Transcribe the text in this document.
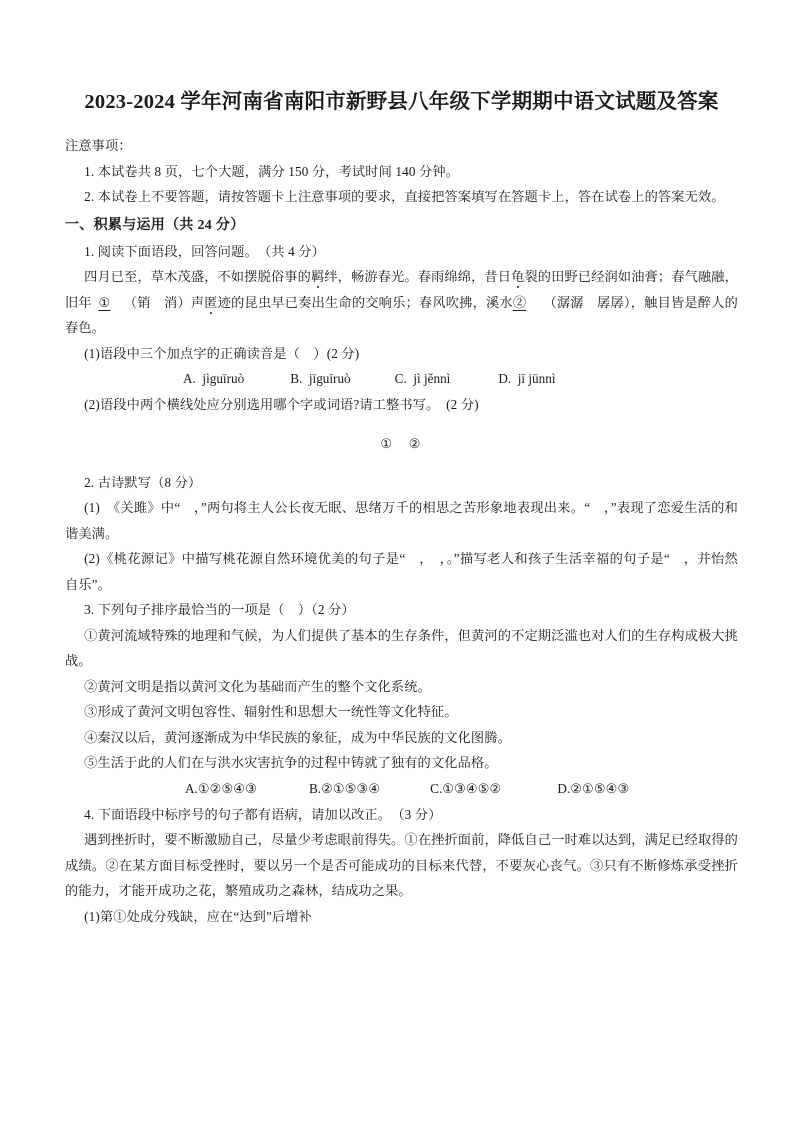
2023-2024 学年河南省南阳市新野县八年级下学期期中语文试题及答案

注意事项：

1. 本试卷共 8 页，七个大题，满分 150 分，考试时间 140 分钟。

2. 本试卷上不要答题，请按答题卡上注意事项的要求，直接把答案填写在答题卡上，答在试卷上的答案无效。

一、积累与运用（共 24 分）

1. 阅读下面语段，回答问题。　（共 4 分）

四月已至，草木茂盛，不如摆脱俗事的羁绊，畅游春光。春雨绵绵，昔日龟裂的田野已经润如油膏；春气融融，旧年 ① （销　消）声匿迹的昆虫早已奏出生命的交响乐；春风吹拂，溪水② （潺潺　孱孱），触目皆是醉人的春色。

(1)语段中三个加点字的正确读音是（　）(2 分)

A. jìguīruò	B. jīguīruò	C. jì jěnnì	D. jī jūnnì

(2)语段中两个横线处应分别选用哪个字或词语?请工整书写。　(2 分)

① ②

2. 古诗默写（8 分）

(1)　《关雎》中“　，”两句将主人公长夜无眠、思绪万千的相思之苦形象地表现出来。“　，”表现了恋爱生活的和谐美满。

(2)《桃花源记》中描写桃花源自然环境优美的句子是“　，　，。”描写老人和孩子生活幸福的句子是“　，并怡然自乐”。

3. 下列句子排序最恰当的一项是（　）（2 分）

①黄河流域特殊的地理和气候，为人们提供了基本的生存条件，但黄河的不定期泛滥也对人们的生存构成极大挑战。

②黄河文明是指以黄河文化为基础而产生的整个文化系统。

③形成了黄河文明包容性、辐射性和思想大一统性等文化特征。

④秦汉以后，黄河逐渐成为中华民族的象征，成为中华民族的文化图腾。

⑤生活于此的人们在与洪水灾害抗争的过程中铸就了独有的文化品格。

A.①②⑤④③	B.②①⑤③④	C.①③④⑤②	D.②①⑤④③

4. 下面语段中标序号的句子都有语病，请加以改正。　（3 分）

遇到挫折时，要不断激励自己，尽量少考虑眼前得失。①在挫折面前，降低自己一时难以达到，满足已经取得的成绩。②在某方面目标受挫时，要以另一个是否可能成功的目标来代替，不要灰心丧气。③只有不断修炼承受挫折的能力，才能开成功之花，繁殖成功之森林，结成功之果。

(1)第①处成分残缺，应在“达到”后增补
